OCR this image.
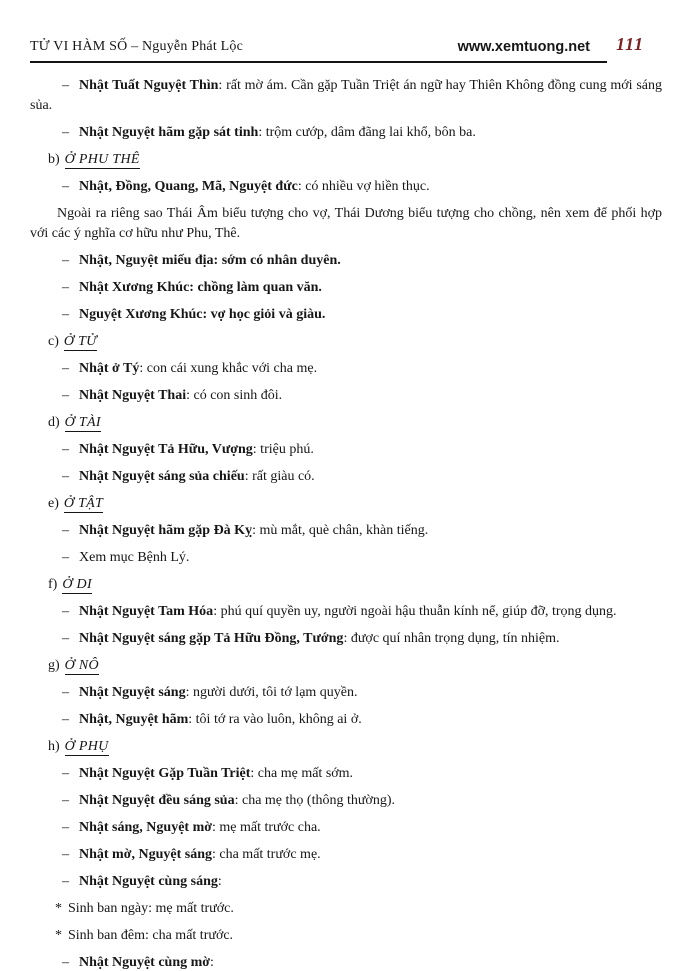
TỬ VI HÀM SỐ – Nguyễn Phát Lộc	www.xemtuong.net 111

– Nhật Tuất Nguyệt Thìn: rất mờ ám. Cần gặp Tuần Triệt án ngữ hay Thiên Không đồng cung mới sáng sủa.

– Nhật Nguyệt hãm gặp sát tinh: trộm cướp, dâm đãng lai khổ, bôn ba.

b) Ở PHU THÊ

– Nhật, Đồng, Quang, Mã, Nguyệt đức: có nhiều vợ hiền thục.

Ngoài ra riêng sao Thái Âm biểu tượng cho vợ, Thái Dương biểu tượng cho chồng, nên xem để phối hợp với các ý nghĩa cơ hữu như Phu, Thê.

– Nhật, Nguyệt miếu địa: sớm có nhân duyên.

– Nhật Xương Khúc: chồng làm quan văn.

– Nguyệt Xương Khúc: vợ học giỏi và giàu.

c) Ở TỬ

– Nhật ở Tý: con cái xung khắc với cha mẹ.

– Nhật Nguyệt Thai: có con sinh đôi.

d) Ở TÀI

– Nhật Nguyệt Tả Hữu, Vượng: triệu phú.

– Nhật Nguyệt sáng sủa chiếu: rất giàu có.

e) Ở TẬT

– Nhật Nguyệt hãm gặp Đà Kỵ: mù mắt, què chân, khàn tiếng.

– Xem mục Bệnh Lý.

f) Ở DI

– Nhật Nguyệt Tam Hóa: phú quí quyền uy, người ngoài hậu thuẫn kính nể, giúp đỡ, trọng dụng.

– Nhật Nguyệt sáng gặp Tả Hữu Đồng, Tướng: được quí nhân trọng dụng, tín nhiệm.

g) Ở NÔ

– Nhật Nguyệt sáng: người dưới, tôi tớ lạm quyền.

– Nhật, Nguyệt hãm: tôi tớ ra vào luôn, không ai ở.

h) Ở PHỤ

– Nhật Nguyệt Gặp Tuần Triệt: cha mẹ mất sớm.

– Nhật Nguyệt đều sáng sủa: cha mẹ thọ (thông thường).

– Nhật sáng, Nguyệt mờ: mẹ mất trước cha.

– Nhật mờ, Nguyệt sáng: cha mất trước mẹ.

– Nhật Nguyệt cùng sáng:

* Sinh ban ngày: mẹ mất trước.

* Sinh ban đêm: cha mất trước.

– Nhật Nguyệt cùng mờ:
